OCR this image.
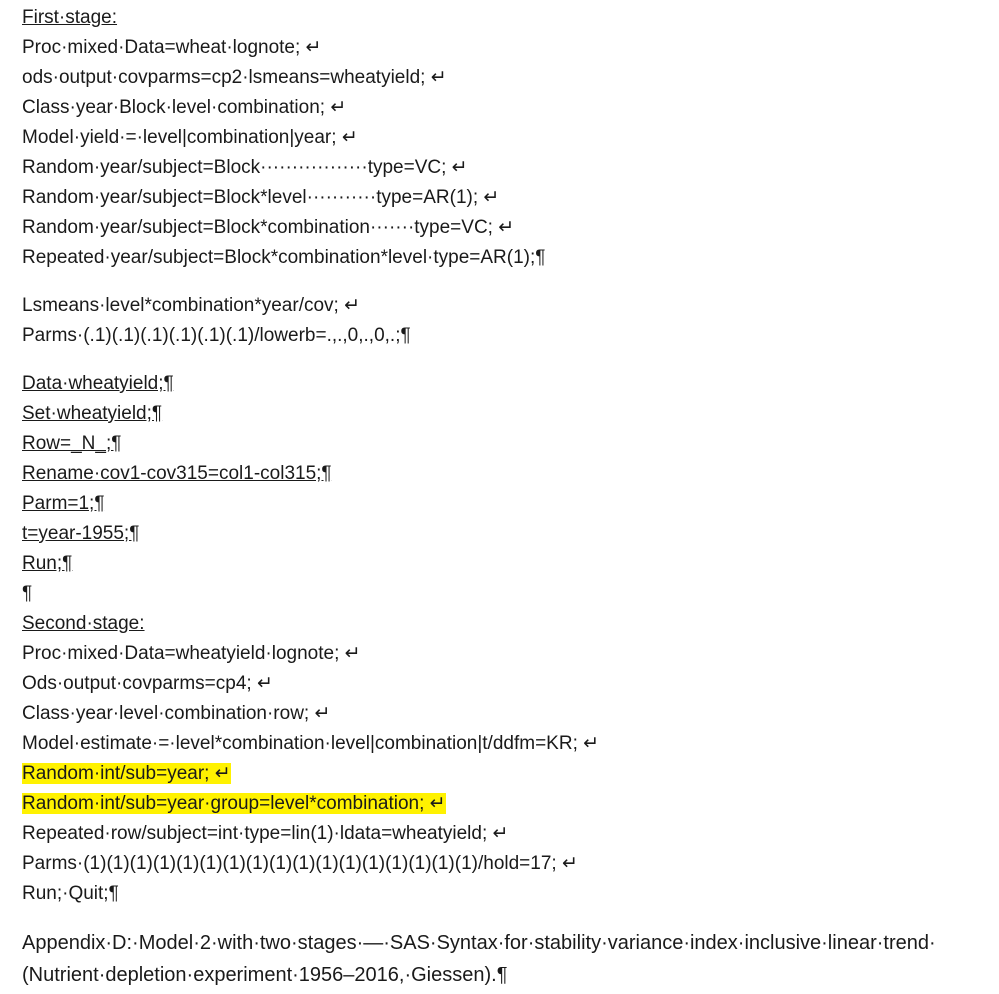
First·stage:
Proc·mixed·Data=wheat·lognote; ↵
ods·output·covparms=cp2·lsmeans=wheatyield; ↵
Class·year·Block·level·combination; ↵
Model·yield·=·level|combination|year; ↵
Random·year/subject=Block·················type=VC; ↵
Random·year/subject=Block*level···········type=AR(1); ↵
Random·year/subject=Block*combination·······type=VC; ↵
Repeated·year/subject=Block*combination*level·type=AR(1);¶
Lsmeans·level*combination*year/cov; ↵
Parms·(.1)(.1)(.1)(.1)(.1)(.1)/lowerb=.,.,0,.,0,.;¶
Data·wheatyield;¶
Set·wheatyield;¶
Row=_N_;¶
Rename·cov1-cov315=col1-col315;¶
Parm=1;¶
t=year-1955;¶
Run;¶
¶
Second·stage:
Proc·mixed·Data=wheatyield·lognote; ↵
Ods·output·covparms=cp4; ↵
Class·year·level·combination·row; ↵
Model·estimate·=·level*combination·level|combination|t/ddfm=KR; ↵
Random·int/sub=year; ↵
Random·int/sub=year·group=level*combination; ↵
Repeated·row/subject=int·type=lin(1)·ldata=wheatyield; ↵
Parms·(1)(1)(1)(1)(1)(1)(1)(1)(1)(1)(1)(1)(1)(1)(1)(1)(1)/hold=17; ↵
Run;·Quit;¶
Appendix·D:·Model·2·with·two·stages·—·SAS·Syntax·for·stability·variance·index·inclusive·linear·trend·
(Nutrient·depletion·experiment·1956–2016,·Giessen).¶
